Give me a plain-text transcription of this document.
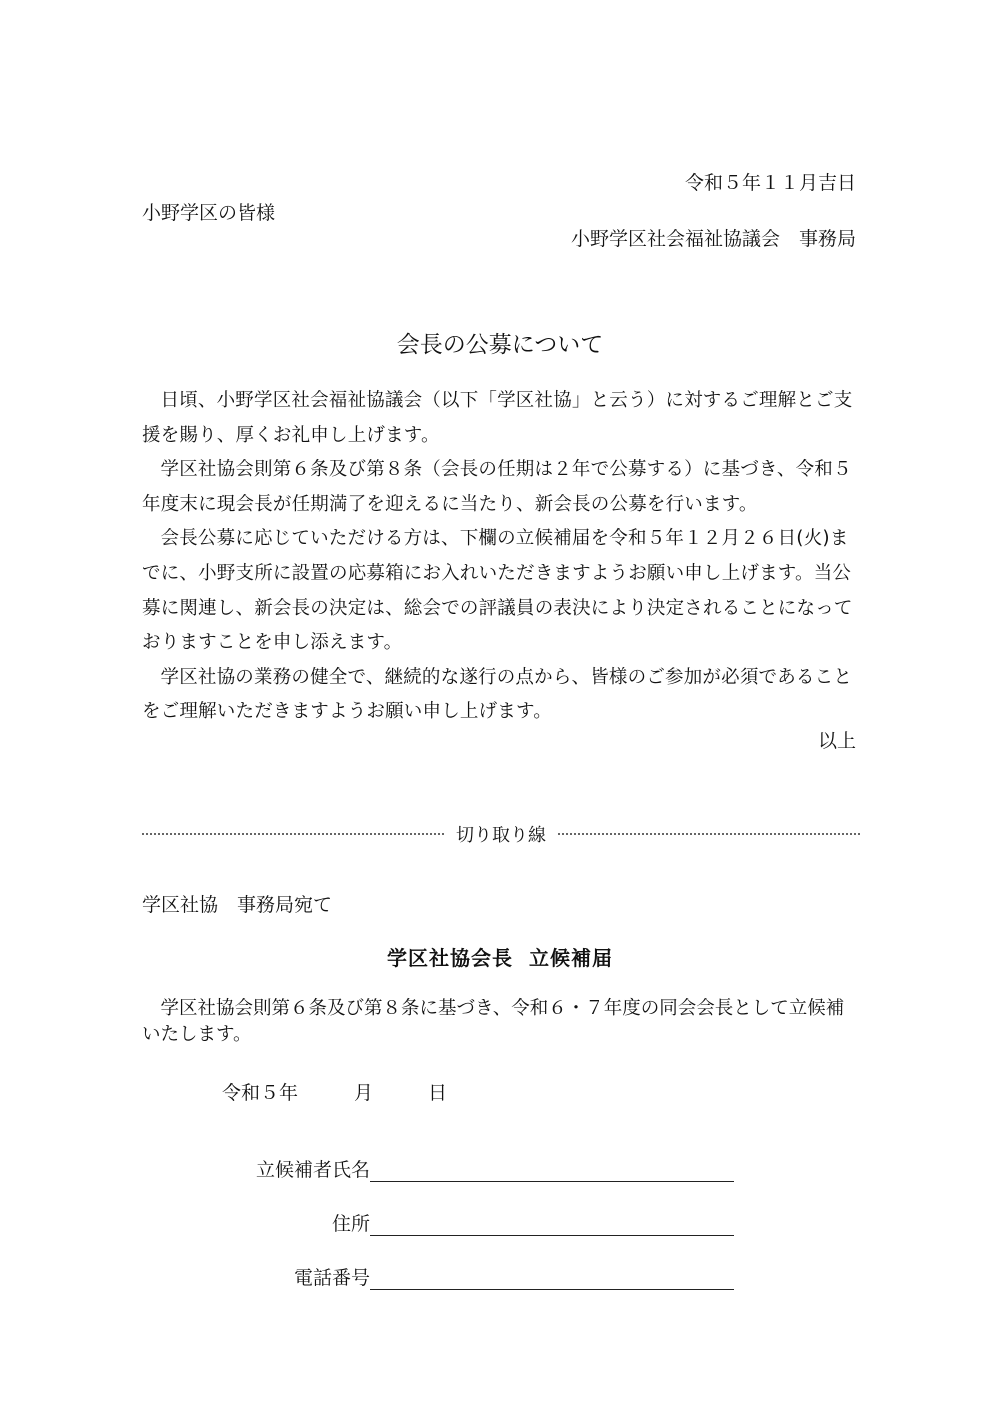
令和５年１１月吉日
小野学区の皆様
小野学区社会福祉協議会　事務局
会長の公募について

日頃、小野学区社会福祉協議会（以下「学区社協」と云う）に対するご理解とご支援を賜り、厚くお礼申し上げます。

学区社協会則第６条及び第８条（会長の任期は２年で公募する）に基づき、令和５年度末に現会長が任期満了を迎えるに当たり、新会長の公募を行います。

会長公募に応じていただける方は、下欄の立候補届を令和５年１２月２６日(火)までに、小野支所に設置の応募箱にお入れいただきますようお願い申し上げます。当公募に関連し、新会長の決定は、総会での評議員の表決により決定されることになっておりますことを申し添えます。

学区社協の業務の健全で、継続的な遂行の点から、皆様のご参加が必須であることをご理解いただきますようお願い申し上げます。

以上
切り取り線
学区社協　事務局宛て
学区社協会長 立候補届

学区社協会則第６条及び第８条に基づき、令和６・７年度の同会会長として立候補いたします。

令和５年	月	日
立候補者氏名
住所
電話番号
